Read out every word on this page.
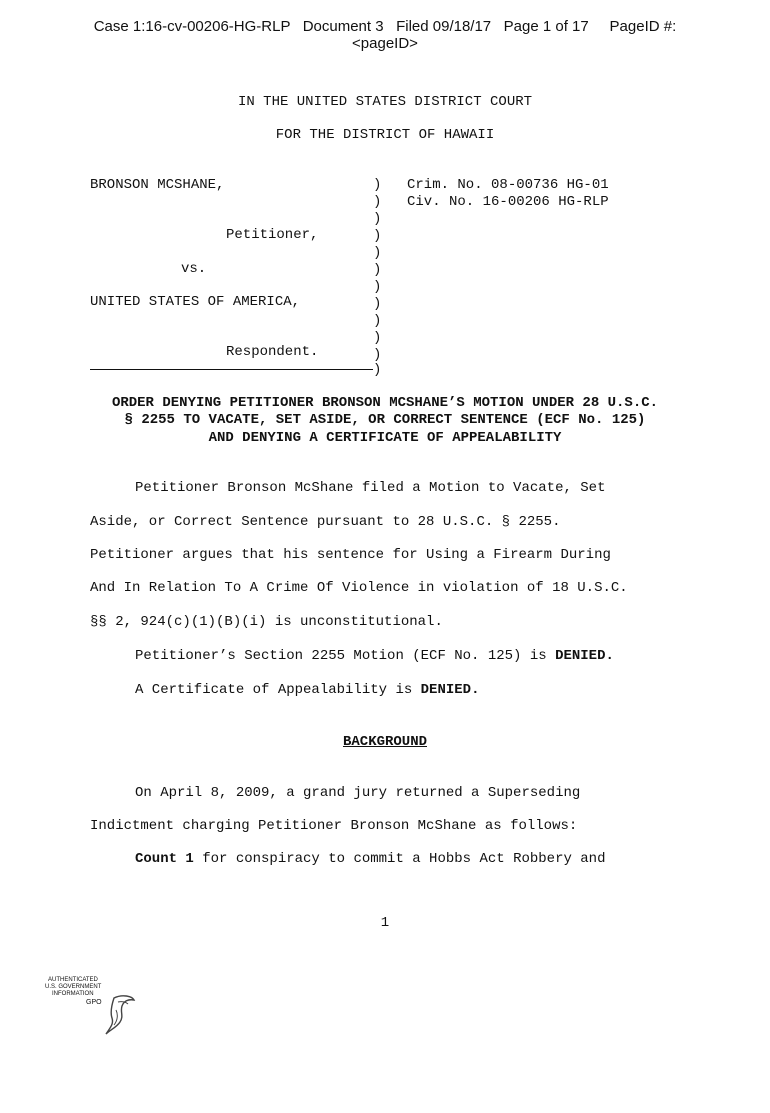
Case 1:16-cv-00206-HG-RLP   Document 3   Filed 09/18/17   Page 1 of 17     PageID #:
<pageID>
IN THE UNITED STATES DISTRICT COURT
FOR THE DISTRICT OF HAWAII
BRONSON MCSHANE,
Petitioner,
vs.
UNITED STATES OF AMERICA,
Respondent.
)
)
)
)
)
)
)
)
)
)
)
)
Crim. No. 08-00736 HG-01
Civ. No. 16-00206 HG-RLP
ORDER DENYING PETITIONER BRONSON MCSHANE’S MOTION UNDER 28 U.S.C.
§ 2255 TO VACATE, SET ASIDE, OR CORRECT SENTENCE (ECF No. 125)
AND DENYING A CERTIFICATE OF APPEALABILITY
Petitioner Bronson McShane filed a Motion to Vacate, Set
Aside, or Correct Sentence pursuant to 28 U.S.C. § 2255.
Petitioner argues that his sentence for Using a Firearm During
And In Relation To A Crime Of Violence in violation of 18 U.S.C.
§§ 2, 924(c)(1)(B)(i) is unconstitutional.
Petitioner’s Section 2255 Motion (ECF No. 125) is DENIED.
A Certificate of Appealability is DENIED.
BACKGROUND
On April 8, 2009, a grand jury returned a Superseding
Indictment charging Petitioner Bronson McShane as follows:
Count 1 for conspiracy to commit a Hobbs Act Robbery and
1

AUTHENTICATED

U.S. GOVERNMENT

INFORMATION

GPO
